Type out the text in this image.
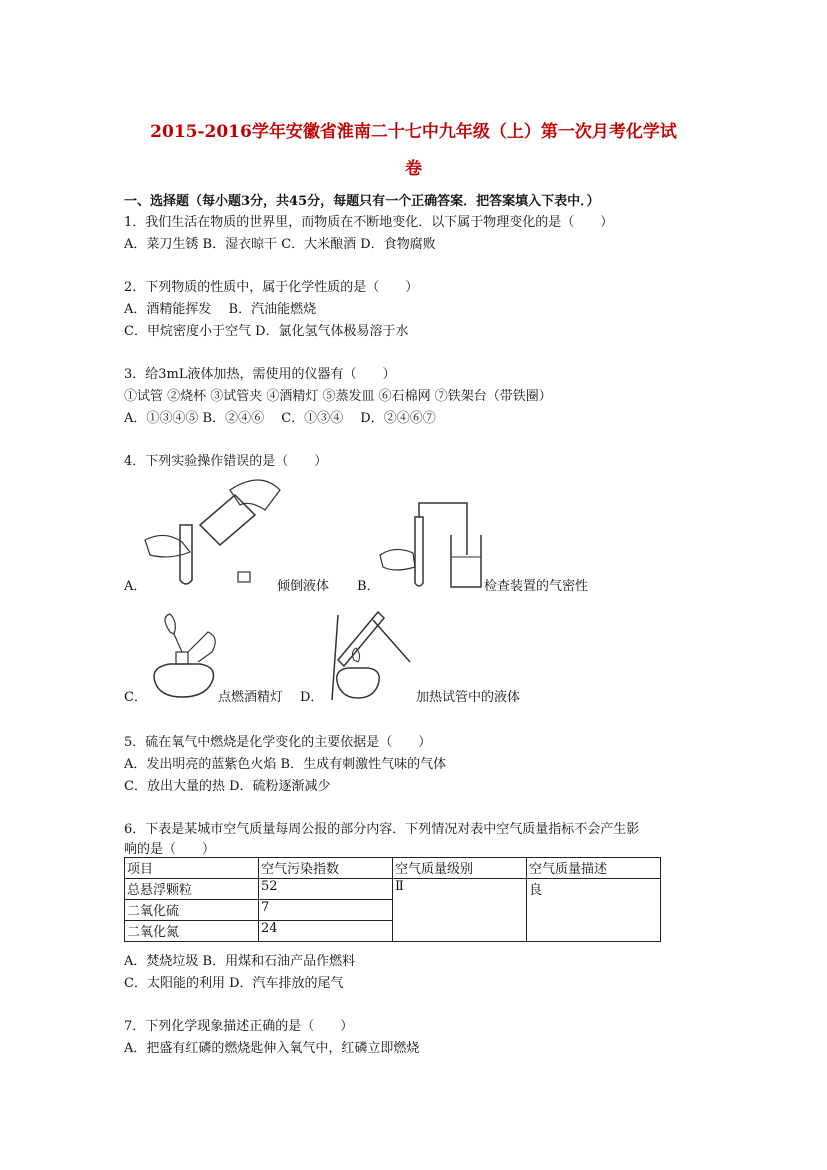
2015-2016学年安徽省淮南二十七中九年级（上）第一次月考化学试
卷
一、选择题（每小题3分，共45分，每题只有一个正确答案．把答案填入下表中．）
1．我们生活在物质的世界里，而物质在不断地变化．以下属于物理变化的是（　　）
A．菜刀生锈 B．湿衣晾干 C．大米酿酒 D．食物腐败
2．下列物质的性质中，属于化学性质的是（　　）
A．酒精能挥发　 B．汽油能燃烧
C．甲烷密度小于空气 D．氯化氢气体极易溶于水
3．给3mL液体加热，需使用的仪器有（　　）
①试管 ②烧杯 ③试管夹 ④酒精灯 ⑤蒸发皿 ⑥石棉网 ⑦铁架台（带铁圈）
A．①③④⑤ B．②④⑥　 C．①③④　 D．②④⑥⑦
4．下列实验操作错误的是（　　）
A．	倾倒液体 B．	检查装置的气密性
C．	点燃酒精灯 D．	加热试管中的液体
5．硫在氧气中燃烧是化学变化的主要依据是（　　）
A．发出明亮的蓝紫色火焰 B．生成有刺激性气味的气体
C．放出大量的热 D．硫粉逐渐减少
6．下表是某城市空气质量每周公报的部分内容．下列情况对表中空气质量指标不会产生影
响的是（　　）
项目	空气污染指数	空气质量级别	空气质量描述
总悬浮颗粒	52	Ⅱ	良
二氧化硫	7		
二氧化氮	24		
A．焚烧垃圾 B．用煤和石油产品作燃料
C．太阳能的利用 D．汽车排放的尾气
7．下列化学现象描述正确的是（　　）
A．把盛有红磷的燃烧匙伸入氧气中，红磷立即燃烧
